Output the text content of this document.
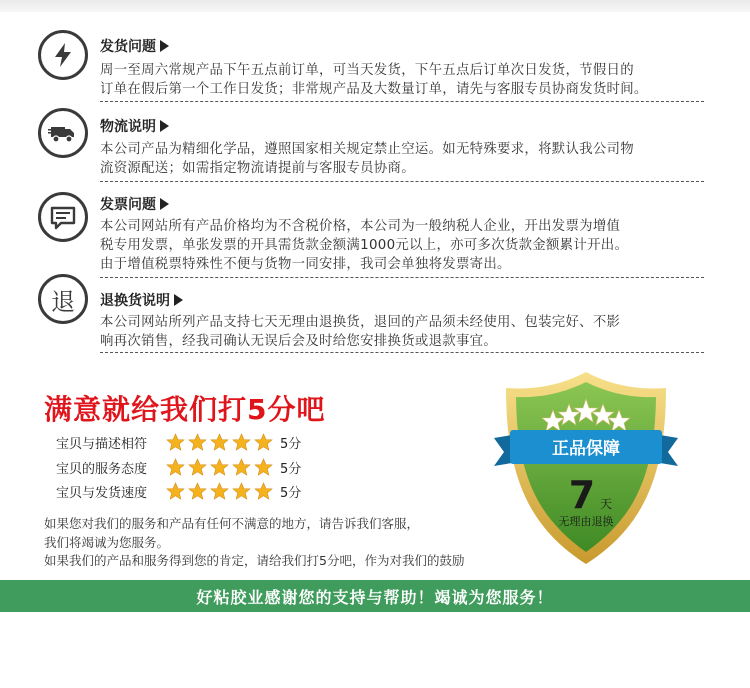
发货问题
周一至周六常规产品下午五点前订单，可当天发货，下午五点后订单次日发货，节假日的
订单在假后第一个工作日发货；非常规产品及大数量订单，请先与客服专员协商发货时间。
物流说明
本公司产品为精细化学品，遵照国家相关规定禁止空运。如无特殊要求，将默认我公司物
流资源配送；如需指定物流请提前与客服专员协商。
发票问题
本公司网站所有产品价格均为不含税价格，本公司为一般纳税人企业，开出发票为增值
税专用发票，单张发票的开具需货款金额满1000元以上，亦可多次货款金额累计开出。
由于增值税票特殊性不便与货物一同安排，我司会单独将发票寄出。
退 退换货说明
本公司网站所列产品支持七天无理由退换货，退回的产品须未经使用、包装完好、不影
响再次销售，经我司确认无误后会及时给您安排换货或退款事宜。
满意就给我们打5分吧
宝贝与描述相符	5分
宝贝的服务态度	5分
宝贝与发货速度	5分
如果您对我们的服务和产品有任何不满意的地方，请告诉我们客服，
我们将竭诚为您服务。
如果我们的产品和服务得到您的肯定，请给我们打5分吧，作为对我们的鼓励
正品保障
7 天
无理由退换
好粘胶业感谢您的支持与帮助！竭诚为您服务！
